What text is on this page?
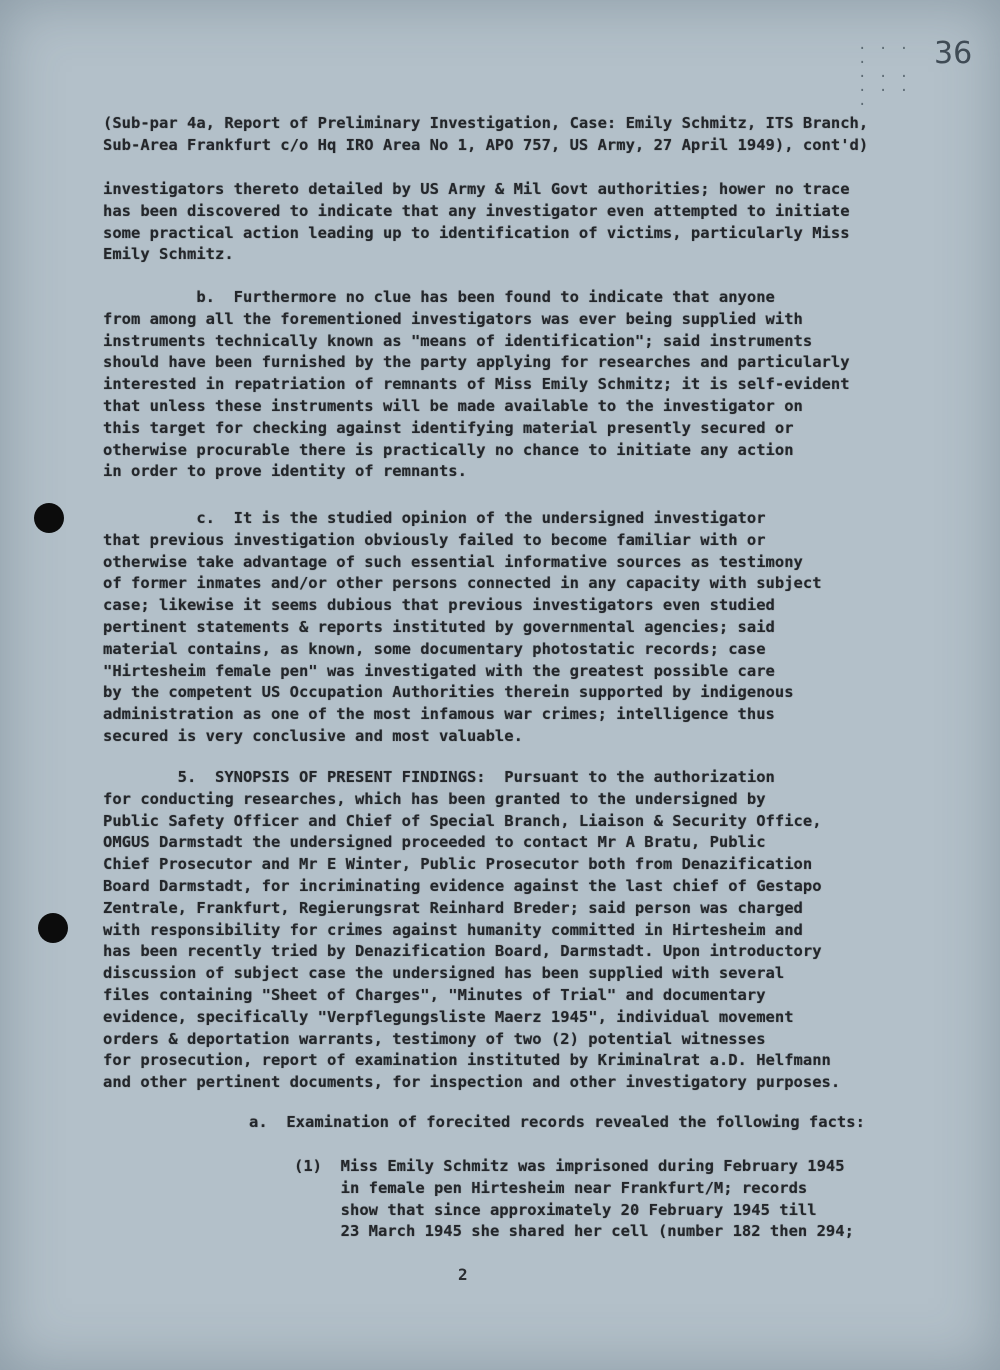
· · · ·
· · ·
· · · ·
36
(Sub-par 4a, Report of Preliminary Investigation, Case: Emily Schmitz, ITS Branch,
Sub-Area Frankfurt c/o Hq IRO Area No 1, APO 757, US Army, 27 April 1949), cont'd)
investigators thereto detailed by US Army & Mil Govt authorities; hower no trace
has been discovered to indicate that any investigator even attempted to initiate
some practical action leading up to identification of victims, particularly Miss
Emily Schmitz.
b.  Furthermore no clue has been found to indicate that anyone
from among all the forementioned investigators was ever being supplied with
instruments technically known as "means of identification"; said instruments
should have been furnished by the party applying for researches and particularly
interested in repatriation of remnants of Miss Emily Schmitz; it is self-evident
that unless these instruments will be made available to the investigator on
this target for checking against identifying material presently secured or
otherwise procurable there is practically no chance to initiate any action
in order to prove identity of remnants.
c.  It is the studied opinion of the undersigned investigator
that previous investigation obviously failed to become familiar with or
otherwise take advantage of such essential informative sources as testimony
of former inmates and/or other persons connected in any capacity with subject
case; likewise it seems dubious that previous investigators even studied
pertinent statements & reports instituted by governmental agencies; said
material contains, as known, some documentary photostatic records; case
"Hirtesheim female pen" was investigated with the greatest possible care
by the competent US Occupation Authorities therein supported by indigenous
administration as one of the most infamous war crimes; intelligence thus
secured is very conclusive and most valuable.
5.  SYNOPSIS OF PRESENT FINDINGS:  Pursuant to the authorization
for conducting researches, which has been granted to the undersigned by
Public Safety Officer and Chief of Special Branch, Liaison & Security Office,
OMGUS Darmstadt the undersigned proceeded to contact Mr A Bratu, Public
Chief Prosecutor and Mr E Winter, Public Prosecutor both from Denazification
Board Darmstadt, for incriminating evidence against the last chief of Gestapo
Zentrale, Frankfurt, Regierungsrat Reinhard Breder; said person was charged
with responsibility for crimes against humanity committed in Hirtesheim and
has been recently tried by Denazification Board, Darmstadt. Upon introductory
discussion of subject case the undersigned has been supplied with several
files containing "Sheet of Charges", "Minutes of Trial" and documentary
evidence, specifically "Verpflegungsliste Maerz 1945", individual movement
orders & deportation warrants, testimony of two (2) potential witnesses
for prosecution, report of examination instituted by Kriminalrat a.D. Helfmann
and other pertinent documents, for inspection and other investigatory purposes.
a.  Examination of forecited records revealed the following facts:
(1)  Miss Emily Schmitz was imprisoned during February 1945
in female pen Hirtesheim near Frankfurt/M; records
show that since approximately 20 February 1945 till
23 March 1945 she shared her cell (number 182 then 294;
2
